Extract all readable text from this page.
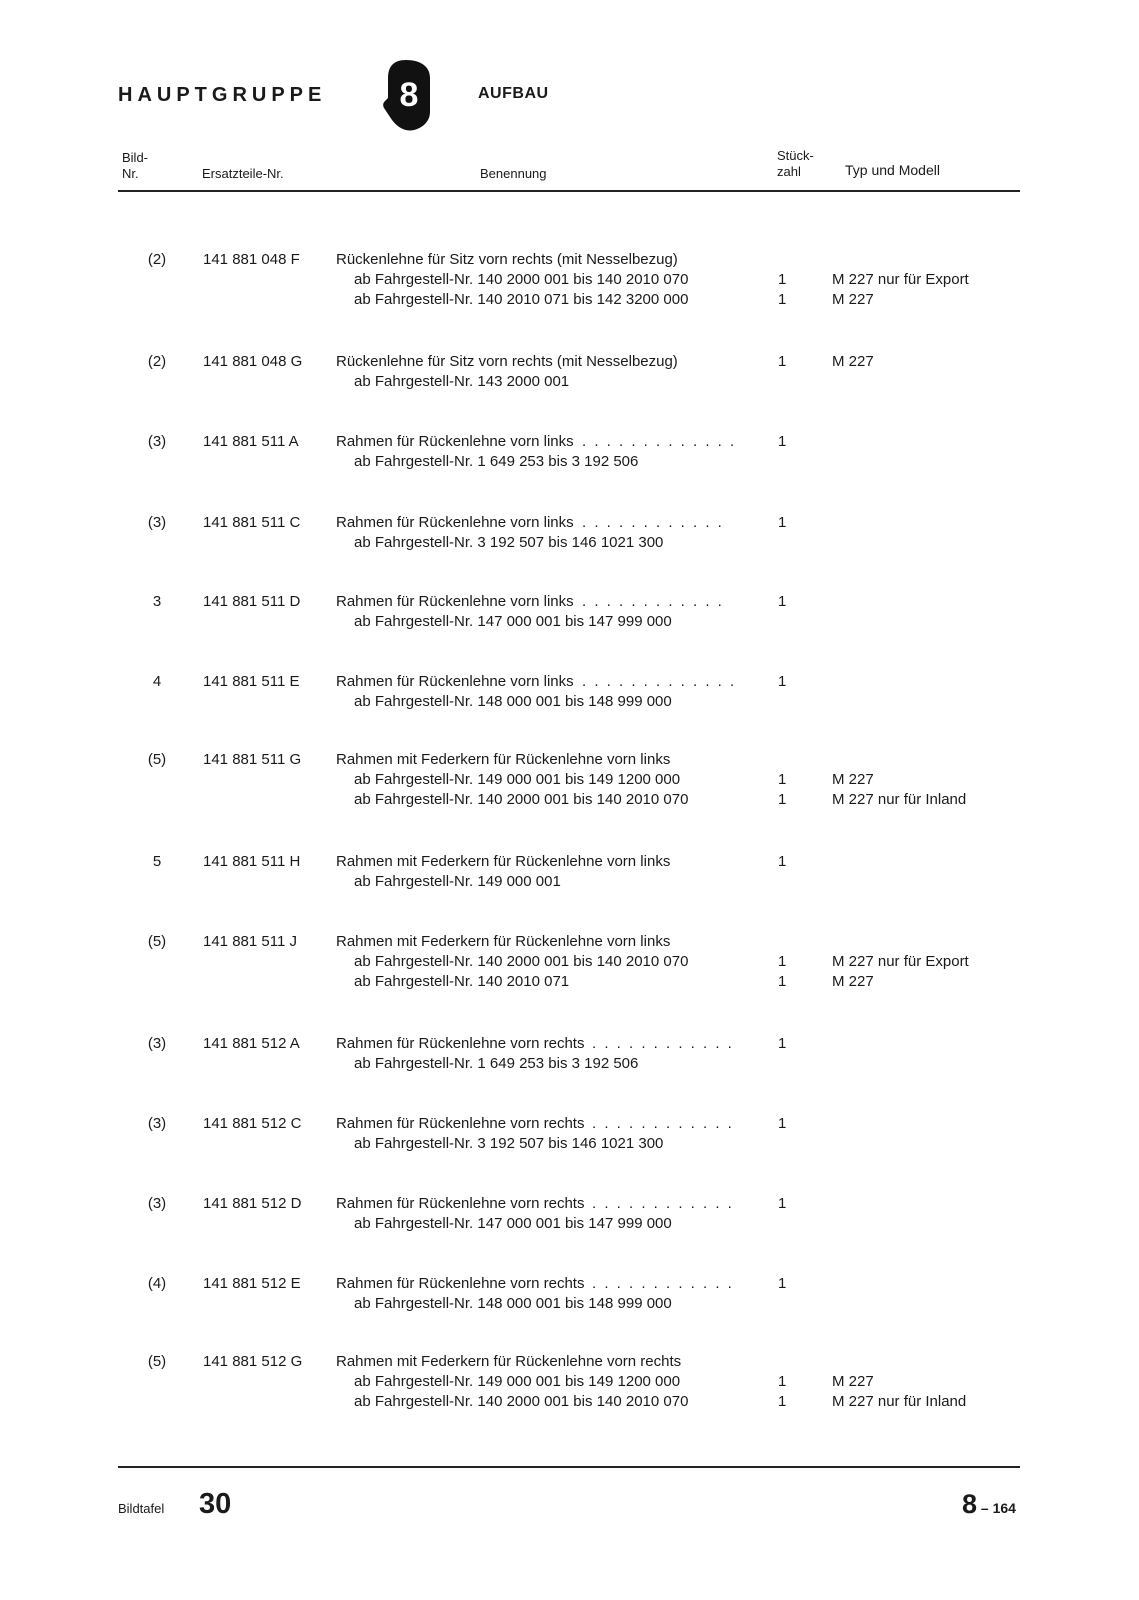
HAUPTGRUPPE 8	AUFBAU
Bild-
Nr.	Ersatzteile-Nr.	Benennung
Stück-
zahl	Typ und Modell
(2)	141 881 048 F Rückenlehne für Sitz vorn rechts (mit Nesselbezug)
ab Fahrgestell-Nr. 140 2000 001 bis 140 2010 070	1	M 227 nur für Export
ab Fahrgestell-Nr. 140 2010 071 bis 142 3200 000	1	M 227
(2)	141 881 048 G Rückenlehne für Sitz vorn rechts (mit Nesselbezug)	1	M 227
ab Fahrgestell-Nr. 143 2000 001
(3)	141 881 511 A Rahmen für Rückenlehne vorn links . . . . . . . . . . . . .	1
ab Fahrgestell-Nr. 1 649 253 bis 3 192 506
(3)	141 881 511 C Rahmen für Rückenlehne vorn links . . . . . . . . . . . .	1
ab Fahrgestell-Nr. 3 192 507 bis 146 1021 300
3	141 881 511 D Rahmen für Rückenlehne vorn links . . . . . . . . . . . .	1
ab Fahrgestell-Nr. 147 000 001 bis 147 999 000
4	141 881 511 E Rahmen für Rückenlehne vorn links . . . . . . . . . . . . .	1
ab Fahrgestell-Nr. 148 000 001 bis 148 999 000
(5)	141 881 511 G Rahmen mit Federkern für Rückenlehne vorn links
ab Fahrgestell-Nr. 149 000 001 bis 149 1200 000	1	M 227
ab Fahrgestell-Nr. 140 2000 001 bis 140 2010 070	1	M 227 nur für Inland
5	141 881 511 H Rahmen mit Federkern für Rückenlehne vorn links	1
ab Fahrgestell-Nr. 149 000 001
(5)	141 881 511 J	Rahmen mit Federkern für Rückenlehne vorn links
ab Fahrgestell-Nr. 140 2000 001 bis 140 2010 070	1	M 227 nur für Export
ab Fahrgestell-Nr. 140 2010 071	1	M 227
(3)	141 881 512 A Rahmen für Rückenlehne vorn rechts . . . . . . . . . . . .	1
ab Fahrgestell-Nr. 1 649 253 bis 3 192 506
(3)	141 881 512 C Rahmen für Rückenlehne vorn rechts . . . . . . . . . . . .	1
ab Fahrgestell-Nr. 3 192 507 bis 146 1021 300
(3)	141 881 512 D Rahmen für Rückenlehne vorn rechts . . . . . . . . . . . .	1
ab Fahrgestell-Nr. 147 000 001 bis 147 999 000
(4)	141 881 512 E Rahmen für Rückenlehne vorn rechts . . . . . . . . . . . .	1
ab Fahrgestell-Nr. 148 000 001 bis 148 999 000
(5)	141 881 512 G Rahmen mit Federkern für Rückenlehne vorn rechts
ab Fahrgestell-Nr. 149 000 001 bis 149 1200 000	1	M 227
ab Fahrgestell-Nr. 140 2000 001 bis 140 2010 070	1	M 227 nur für Inland
Bildtafel 30	8 – 164
